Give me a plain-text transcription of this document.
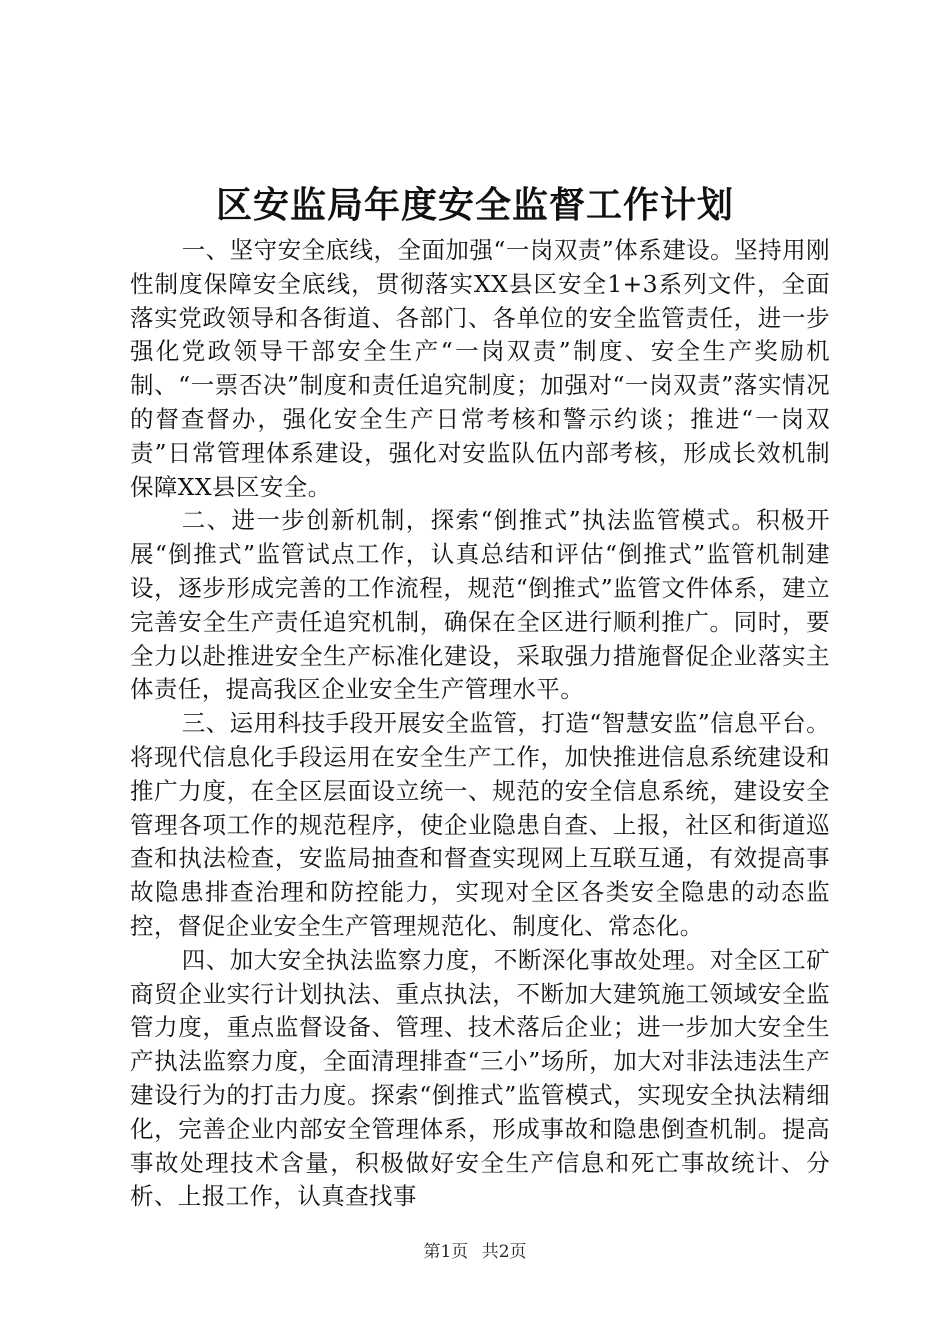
区安监局年度安全监督工作计划

一、坚守安全底线，全面加强“一岗双责”体系建设。坚持用刚性制度保障安全底线，贯彻落实XX县区安全1+3系列文件，全面落实党政领导和各街道、各部门、各单位的安全监管责任，进一步强化党政领导干部安全生产“一岗双责”制度、安全生产奖励机制、“一票否决”制度和责任追究制度；加强对“一岗双责”落实情况的督查督办，强化安全生产日常考核和警示约谈；推进“一岗双责”日常管理体系建设，强化对安监队伍内部考核，形成长效机制保障XX县区安全。

二、进一步创新机制，探索“倒推式”执法监管模式。积极开展“倒推式”监管试点工作，认真总结和评估“倒推式”监管机制建设，逐步形成完善的工作流程，规范“倒推式”监管文件体系，建立完善安全生产责任追究机制，确保在全区进行顺利推广。同时，要全力以赴推进安全生产标准化建设，采取强力措施督促企业落实主体责任，提高我区企业安全生产管理水平。

三、运用科技手段开展安全监管，打造“智慧安监”信息平台。将现代信息化手段运用在安全生产工作，加快推进信息系统建设和推广力度，在全区层面设立统一、规范的安全信息系统，建设安全管理各项工作的规范程序，使企业隐患自查、上报，社区和街道巡查和执法检查，安监局抽查和督查实现网上互联互通，有效提高事故隐患排查治理和防控能力，实现对全区各类安全隐患的动态监控，督促企业安全生产管理规范化、制度化、常态化。

四、加大安全执法监察力度，不断深化事故处理。对全区工矿商贸企业实行计划执法、重点执法，不断加大建筑施工领域安全监管力度，重点监督设备、管理、技术落后企业；进一步加大安全生产执法监察力度，全面清理排查“三小”场所，加大对非法违法生产建设行为的打击力度。探索“倒推式”监管模式，实现安全执法精细化，完善企业内部安全管理体系，形成事故和隐患倒查机制。提高事故处理技术含量，积极做好安全生产信息和死亡事故统计、分析、上报工作，认真查找事

第1页 共2页
